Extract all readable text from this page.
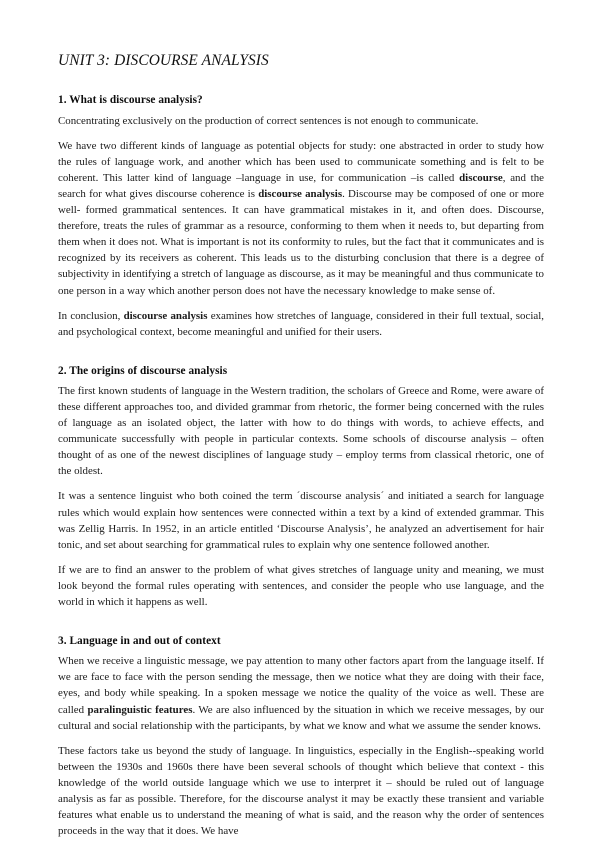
UNIT 3: DISCOURSE ANALYSIS
1. What is discourse analysis?

Concentrating exclusively on the production of correct sentences is not enough to communicate.

We have two different kinds of language as potential objects for study: one abstracted in order to study how the rules of language work, and another which has been used to communicate something and is felt to be coherent. This latter kind of language –language in use, for communication –is called discourse, and the search for what gives discourse coherence is discourse analysis. Discourse may be composed of one or more well- formed grammatical sentences. It can have grammatical mistakes in it, and often does. Discourse, therefore, treats the rules of grammar as a resource, conforming to them when it needs to, but departing from them when it does not. What is important is not its conformity to rules, but the fact that it communicates and is recognized by its receivers as coherent. This leads us to the disturbing conclusion that there is a degree of subjectivity in identifying a stretch of language as discourse, as it may be meaningful and thus communicate to one person in a way which another person does not have the necessary knowledge to make sense of.

In conclusion, discourse analysis examines how stretches of language, considered in their full textual, social, and psychological context, become meaningful and unified for their users.

2. The origins of discourse analysis

The first known students of language in the Western tradition, the scholars of Greece and Rome, were aware of these different approaches too, and divided grammar from rhetoric, the former being concerned with the rules of language as an isolated object, the latter with how to do things with words, to achieve effects, and communicate successfully with people in particular contexts. Some schools of discourse analysis – often thought of as one of the newest disciplines of language study – employ terms from classical rhetoric, one of the oldest.

It was a sentence linguist who both coined the term ´discourse analysis´ and initiated a search for language rules which would explain how sentences were connected within a text by a kind of extended grammar. This was Zellig Harris. In 1952, in an article entitled ‘Discourse Analysis’, he analyzed an advertisement for hair tonic, and set about searching for grammatical rules to explain why one sentence followed another.

If we are to find an answer to the problem of what gives stretches of language unity and meaning, we must look beyond the formal rules operating with sentences, and consider the people who use language, and the world in which it happens as well.

3. Language in and out of context

When we receive a linguistic message, we pay attention to many other factors apart from the language itself. If we are face to face with the person sending the message, then we notice what they are doing with their face, eyes, and body while speaking. In a spoken message we notice the quality of the voice as well. These are called paralinguistic features. We are also influenced by the situation in which we receive messages, by our cultural and social relationship with the participants, by what we know and what we assume the sender knows.

These factors take us beyond the study of language. In linguistics, especially in the English--speaking world between the 1930s and 1960s there have been several schools of thought which believe that context - this knowledge of the world outside language which we use to interpret it – should be ruled out of language analysis as far as possible. Therefore, for the discourse analyst it may be exactly these transient and variable features what enable us to understand the meaning of what is said, and the reason why the order of sentences proceeds in the way that it does. We have
